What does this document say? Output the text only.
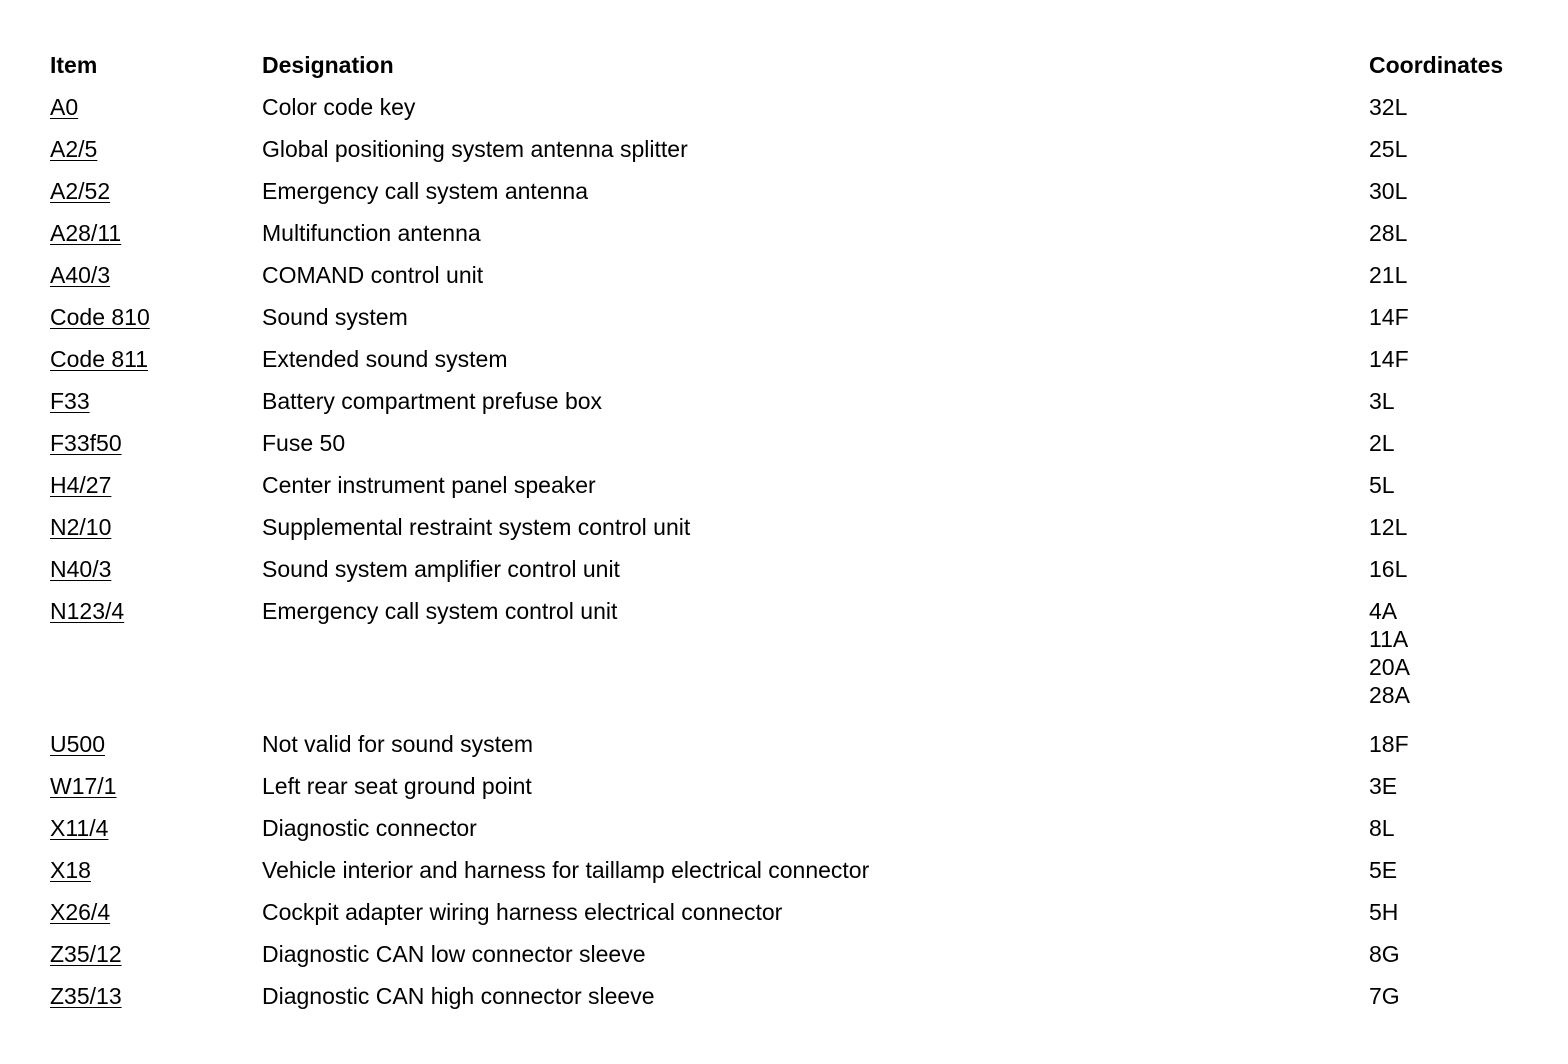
Item	Designation	Coordinates
A0	Color code key	32L
A2/5	Global positioning system antenna splitter	25L
A2/52	Emergency call system antenna	30L
A28/11	Multifunction antenna	28L
A40/3	COMAND control unit	21L
Code 810	Sound system	14F
Code 811	Extended sound system	14F
F33	Battery compartment prefuse box	3L
F33f50	Fuse 50	2L
H4/27	Center instrument panel speaker	5L
N2/10	Supplemental restraint system control unit	12L
N40/3	Sound system amplifier control unit	16L
N123/4	Emergency call system control unit	4A
11A
20A
28A
U500	Not valid for sound system	18F
W17/1	Left rear seat ground point	3E
X11/4	Diagnostic connector	8L
X18	Vehicle interior and harness for taillamp electrical connector	5E
X26/4	Cockpit adapter wiring harness electrical connector	5H
Z35/12	Diagnostic CAN low connector sleeve	8G
Z35/13	Diagnostic CAN high connector sleeve	7G
